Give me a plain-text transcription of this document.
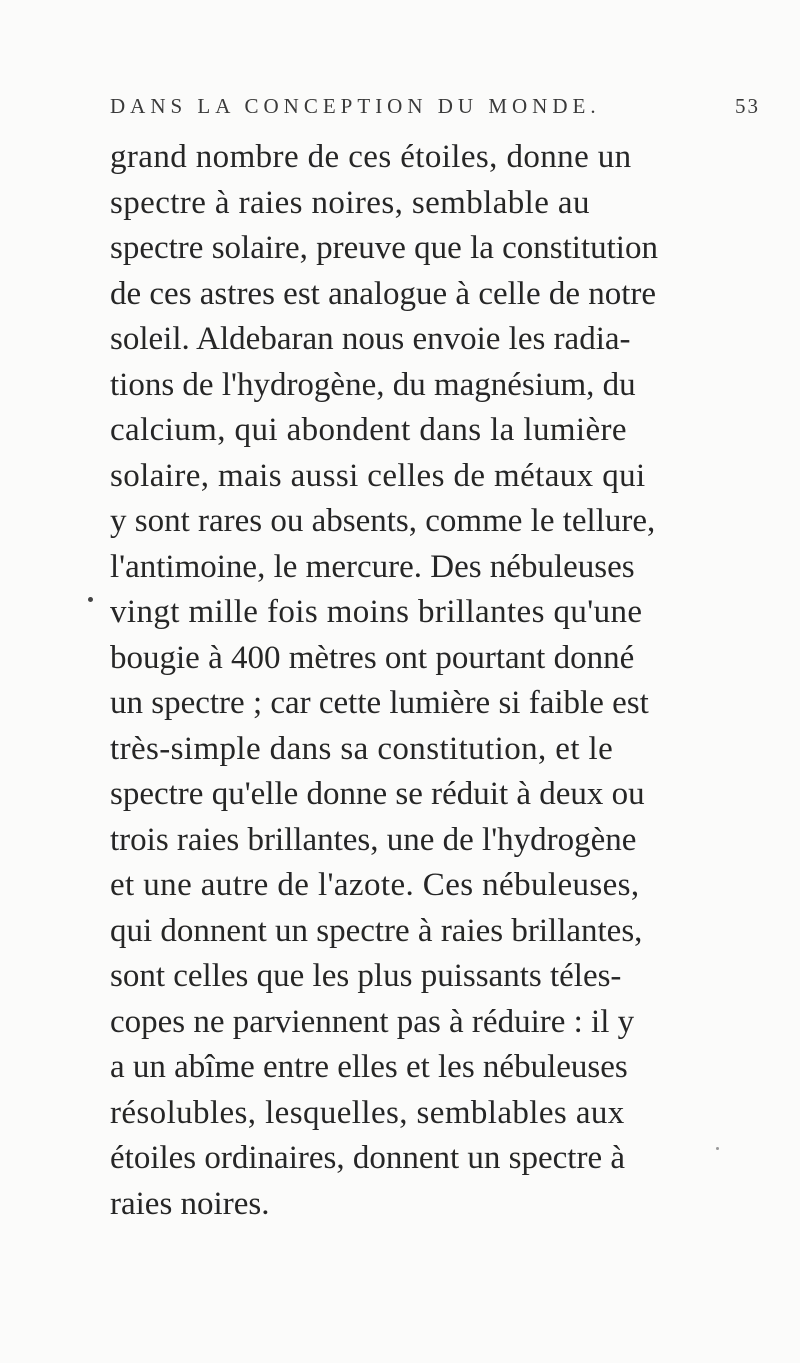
DANS LA CONCEPTION DU MONDE.	53
grand nombre de ces étoiles, donne un
spectre à raies noires, semblable au
spectre solaire, preuve que la constitution
de ces astres est analogue à celle de notre
soleil. Aldebaran nous envoie les radia-
tions de l'hydrogène, du magnésium, du
calcium, qui abondent dans la lumière
solaire, mais aussi celles de métaux qui
y sont rares ou absents, comme le tellure,
l'antimoine, le mercure. Des nébuleuses
vingt mille fois moins brillantes qu'une
bougie à 400 mètres ont pourtant donné
un spectre ; car cette lumière si faible est
très-simple dans sa constitution, et le
spectre qu'elle donne se réduit à deux ou
trois raies brillantes, une de l'hydrogène
et une autre de l'azote. Ces nébuleuses,
qui donnent un spectre à raies brillantes,
sont celles que les plus puissants téles-
copes ne parviennent pas à réduire : il y
a un abîme entre elles et les nébuleuses
résolubles, lesquelles, semblables aux
étoiles ordinaires, donnent un spectre à
raies noires.
